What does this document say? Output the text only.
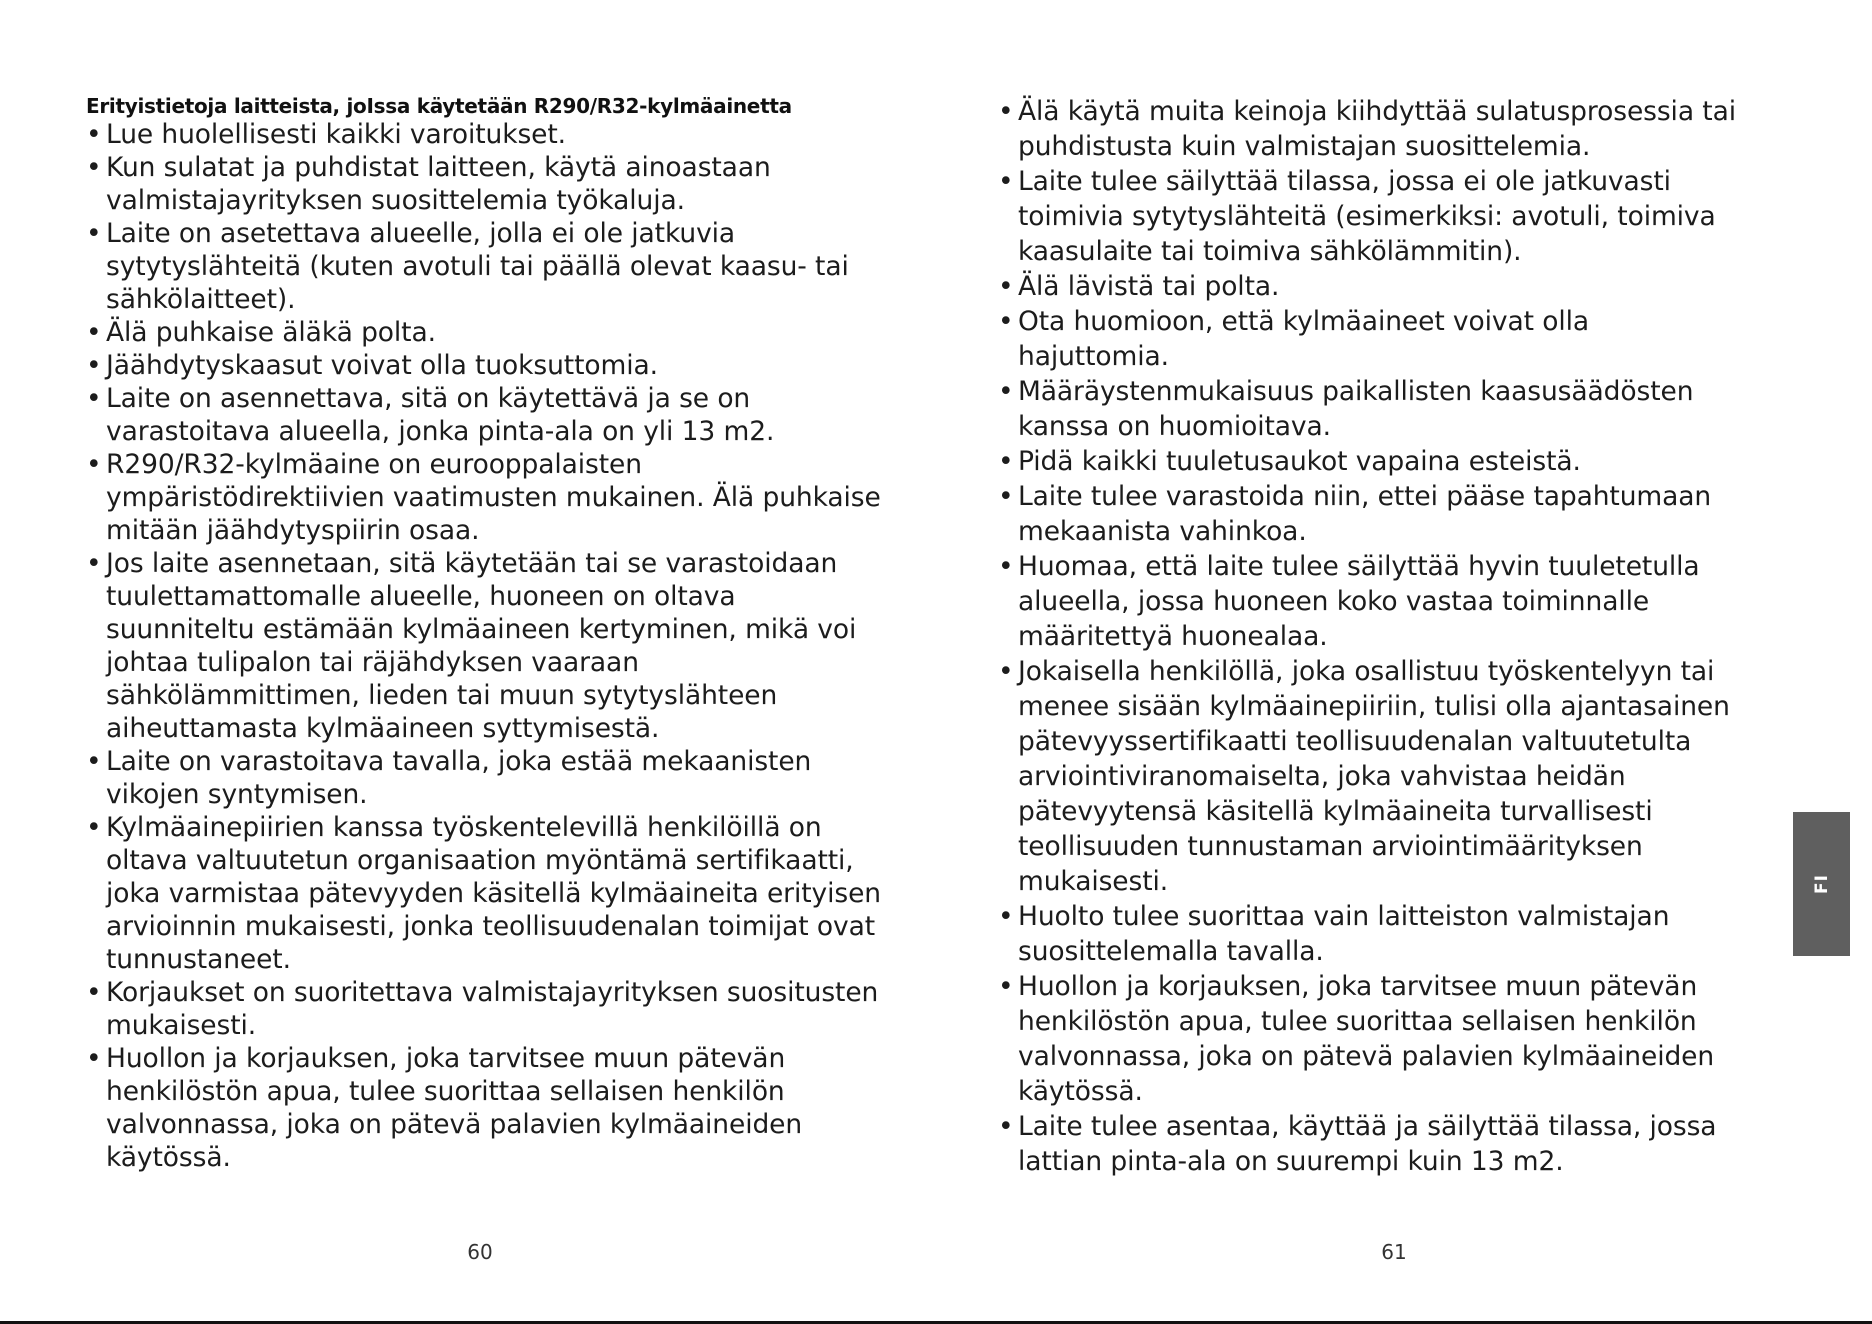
Erityistietoja laitteista, joIssa käytetään R290/R32-kylmäainetta
• Lue huolellisesti kaikki varoitukset.
• Kun sulatat ja puhdistat laitteen, käytä ainoastaan valmistajayrityksen suosittelemia työkaluja.
• Laite on asetettava alueelle, jolla ei ole jatkuvia sytytyslähteitä (kuten avotuli tai päällä olevat kaasu- tai sähkölaitteet).
• Älä puhkaise äläkä polta.
• Jäähdytyskaasut voivat olla tuoksuttomia.
• Laite on asennettava, sitä on käytettävä ja se on varastoitava alueella, jonka pinta-ala on yli 13 m2.
• R290/R32-kylmäaine on eurooppalaisten ympäristödirektiivien vaatimusten mukainen. Älä puhkaise mitään jäähdytyspiirin osaa.
• Jos laite asennetaan, sitä käytetään tai se varastoidaan tuulettamattomalle alueelle, huoneen on oltava suunniteltu estämään kylmäaineen kertyminen, mikä voi johtaa tulipalon tai räjähdyksen vaaraan sähkölämmittimen, lieden tai muun sytytyslähteen aiheuttamasta kylmäaineen syttymisestä.
• Laite on varastoitava tavalla, joka estää mekaanisten vikojen syntymisen.
• Kylmäainepiirien kanssa työskentelevillä henkilöillä on oltava valtuutetun organisaation myöntämä sertifikaatti, joka varmistaa pätevyyden käsitellä kylmäaineita erityisen arvioinnin mukaisesti, jonka teollisuudenalan toimijat ovat tunnustaneet.
• Korjaukset on suoritettava valmistajayrityksen suositusten mukaisesti.
• Huollon ja korjauksen, joka tarvitsee muun pätevän henkilöstön apua, tulee suorittaa sellaisen henkilön valvonnassa, joka on pätevä palavien kylmäaineiden käytössä.
60
• Älä käytä muita keinoja kiihdyttää sulatusprosessia tai puhdistusta kuin valmistajan suosittelemia.
• Laite tulee säilyttää tilassa, jossa ei ole jatkuvasti toimivia sytytyslähteitä (esimerkiksi: avotuli, toimiva kaasulaite tai toimiva sähkölämmitin).
• Älä lävistä tai polta.
• Ota huomioon, että kylmäaineet voivat olla hajuttomia.
• Määräystenmukaisuus paikallisten kaasusäädösten kanssa on huomioitava.
• Pidä kaikki tuuletusaukot vapaina esteistä.
• Laite tulee varastoida niin, ettei pääse tapahtumaan mekaanista vahinkoa.
• Huomaa, että laite tulee säilyttää hyvin tuuletetulla alueella, jossa huoneen koko vastaa toiminnalle määritettyä huonealaa.
• Jokaisella henkilöllä, joka osallistuu työskentelyyn tai menee sisään kylmäainepiiriin, tulisi olla ajantasainen pätevyyssertifikaatti teollisuudenalan valtuutetulta arviointiviranomaiselta, joka vahvistaa heidän pätevyytensä käsitellä kylmäaineita turvallisesti teollisuuden tunnustaman arviointimäärityksen mukaisesti.
• Huolto tulee suorittaa vain laitteiston valmistajan suosittelemalla tavalla.
• Huollon ja korjauksen, joka tarvitsee muun pätevän henkilöstön apua, tulee suorittaa sellaisen henkilön valvonnassa, joka on pätevä palavien kylmäaineiden käytössä.
• Laite tulee asentaa, käyttää ja säilyttää tilassa, jossa lattian pinta-ala on suurempi kuin 13 m2.
61
FI
